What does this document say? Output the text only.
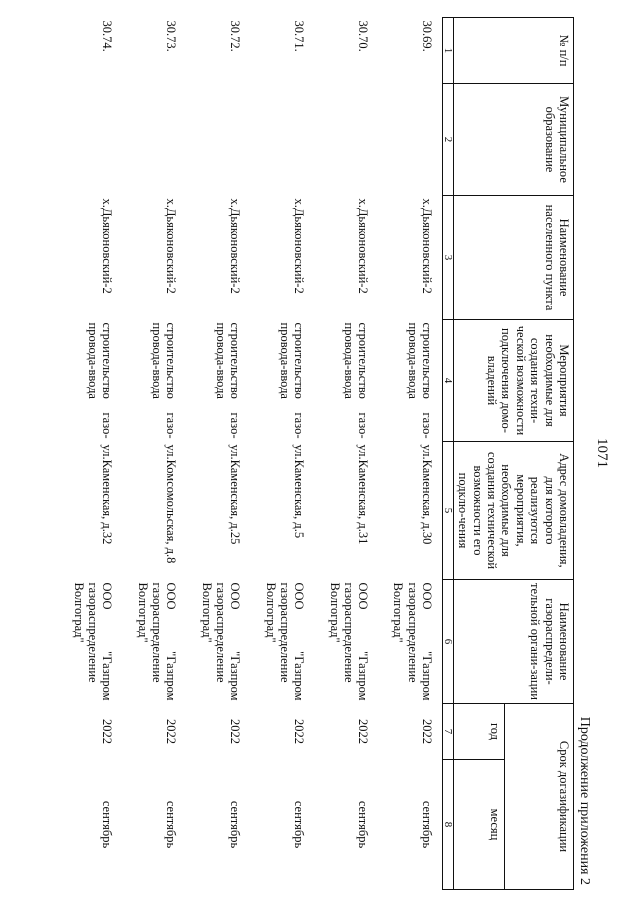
1071
Продолжение приложения 2
№ п/п	Муниципальное образование	Наименование населенного пункта	Мероприятия необходимые для создания техни-ческой возможности подключения домо-владений	Адрес домовладения, для которого реализуются мероприятия, необходимые для создания технической возможности его подклю-чения	Наименование газораспредели-тельной органи-зации	Срок догазификации	
						год	месяц
1	2	3	4	5	6	7	8
30.69.		х.Дьяконовский-2	строительство газо-провода-ввода	ул.Каменская, д.30	ООО "Газпром газораспределение Волгоград"	2022	сентябрь
30.70.		х.Дьяконовский-2	строительство газо-провода-ввода	ул.Каменская, д.31	ООО "Газпром газораспределение Волгоград"	2022	сентябрь
30.71.		х.Дьяконовский-2	строительство газо-провода-ввода	ул.Каменская, д.5	ООО "Газпром газораспределение Волгоград"	2022	сентябрь
30.72.		х.Дьяконовский-2	строительство газо-провода-ввода	ул.Каменская, д.25	ООО "Газпром газораспределение Волгоград"	2022	сентябрь
30.73.		х.Дьяконовский-2	строительство газо-провода-ввода	ул.Комсомольская, д.8	ООО "Газпром газораспределение Волгоград"	2022	сентябрь
30.74.		х.Дьяконовский-2	строительство газо-провода-ввода	ул.Каменская, д.32	ООО "Газпром газораспределение Волгоград"	2022	сентябрь
